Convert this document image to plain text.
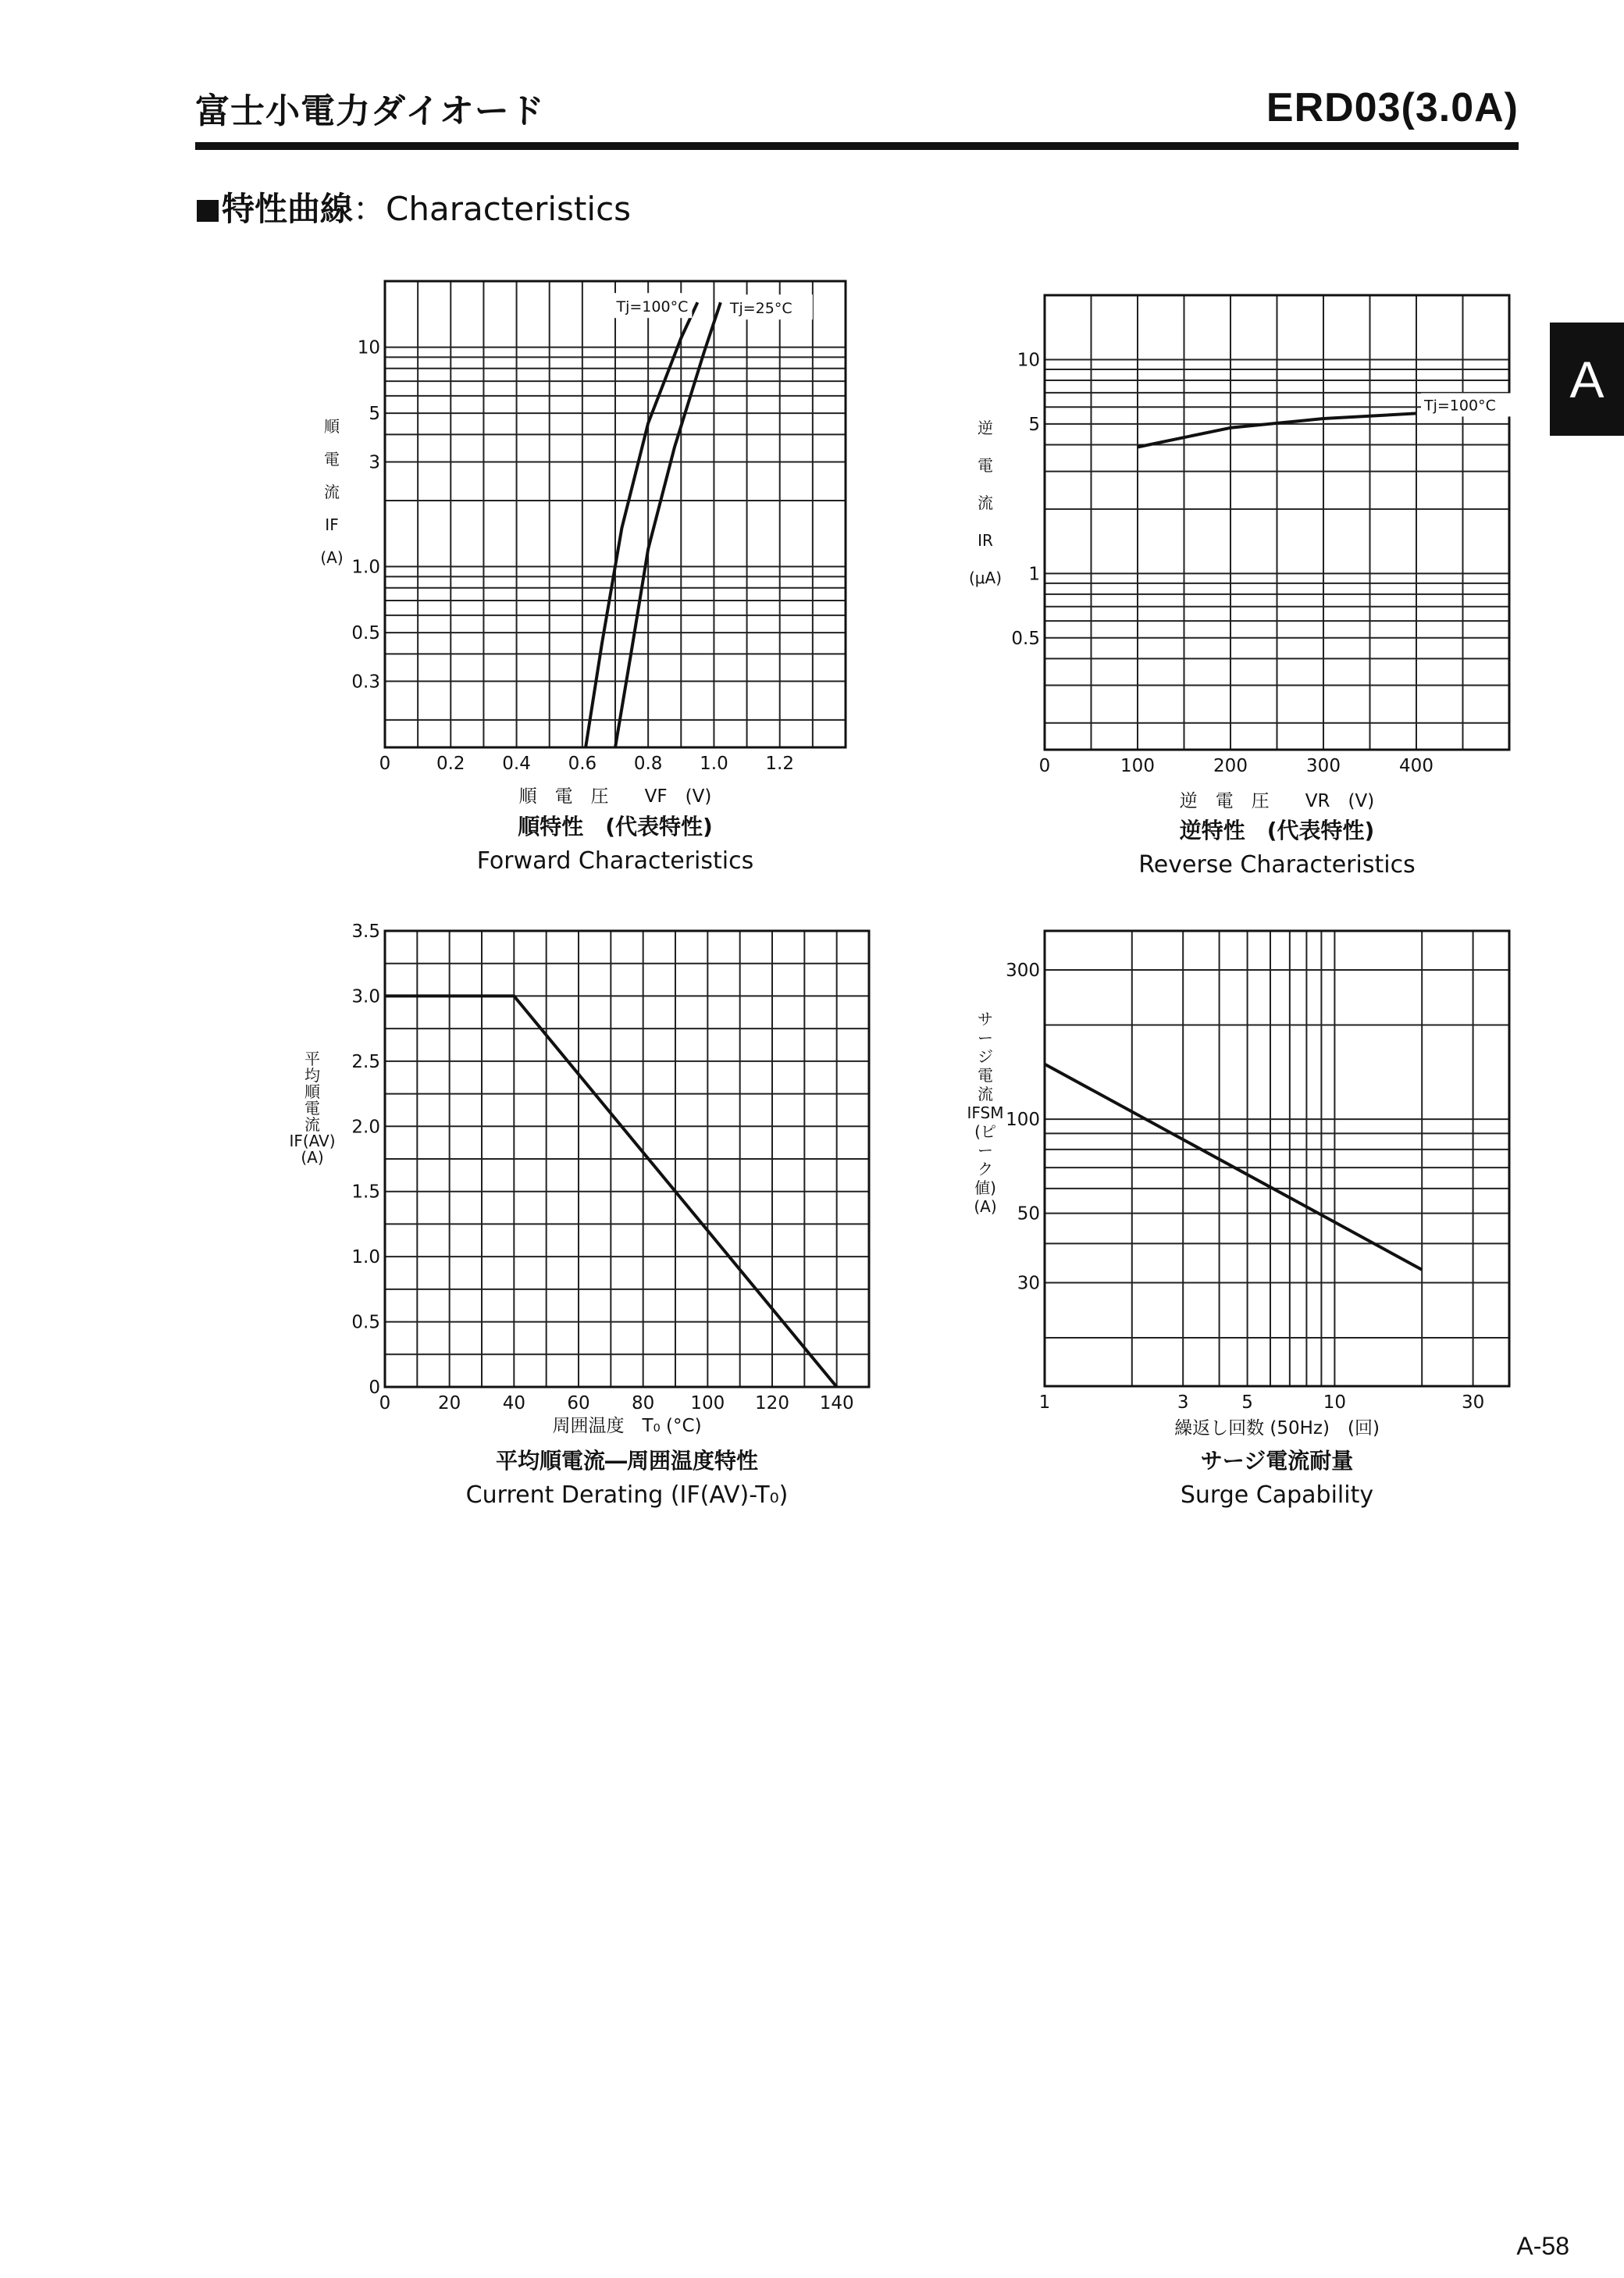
富士小電力ダイオード	ERD03(3.0A)
特性曲線：Characteristics
A
0	0.2 0.4 0.6 0.8 1.0 1.2
10
5
3
1.0
0.5
0.3
順
電
流
IF
(A)
順　電　圧　　VF　(V)
順特性　(代表特性)
Forward Characteristics
Tj=100°C	Tj=25°C
0	100	200	300	400
10
5
1
0.5
逆
電
流
IR
(μA)
逆　電　圧　　VR　(V)
逆特性　(代表特性)
Reverse Characteristics
Tj=100°C
0	20 40 60 80 100 120 140
0
0.5
1.0
1.5
2.0
2.5
3.0
3.5
平
均
順
電
流
IF(AV)
(A)
周囲温度　T₀ (°C)
平均順電流―周囲温度特性
Current Derating (IF(AV)-T₀)
1	3	5	10	30
300
100
50
30
サ
ー
ジ
電
流
IFSM
(ピ
ー
ク
値)
(A)
繰返し回数 (50Hz)　(回)
サージ電流耐量
Surge Capability
A-58
